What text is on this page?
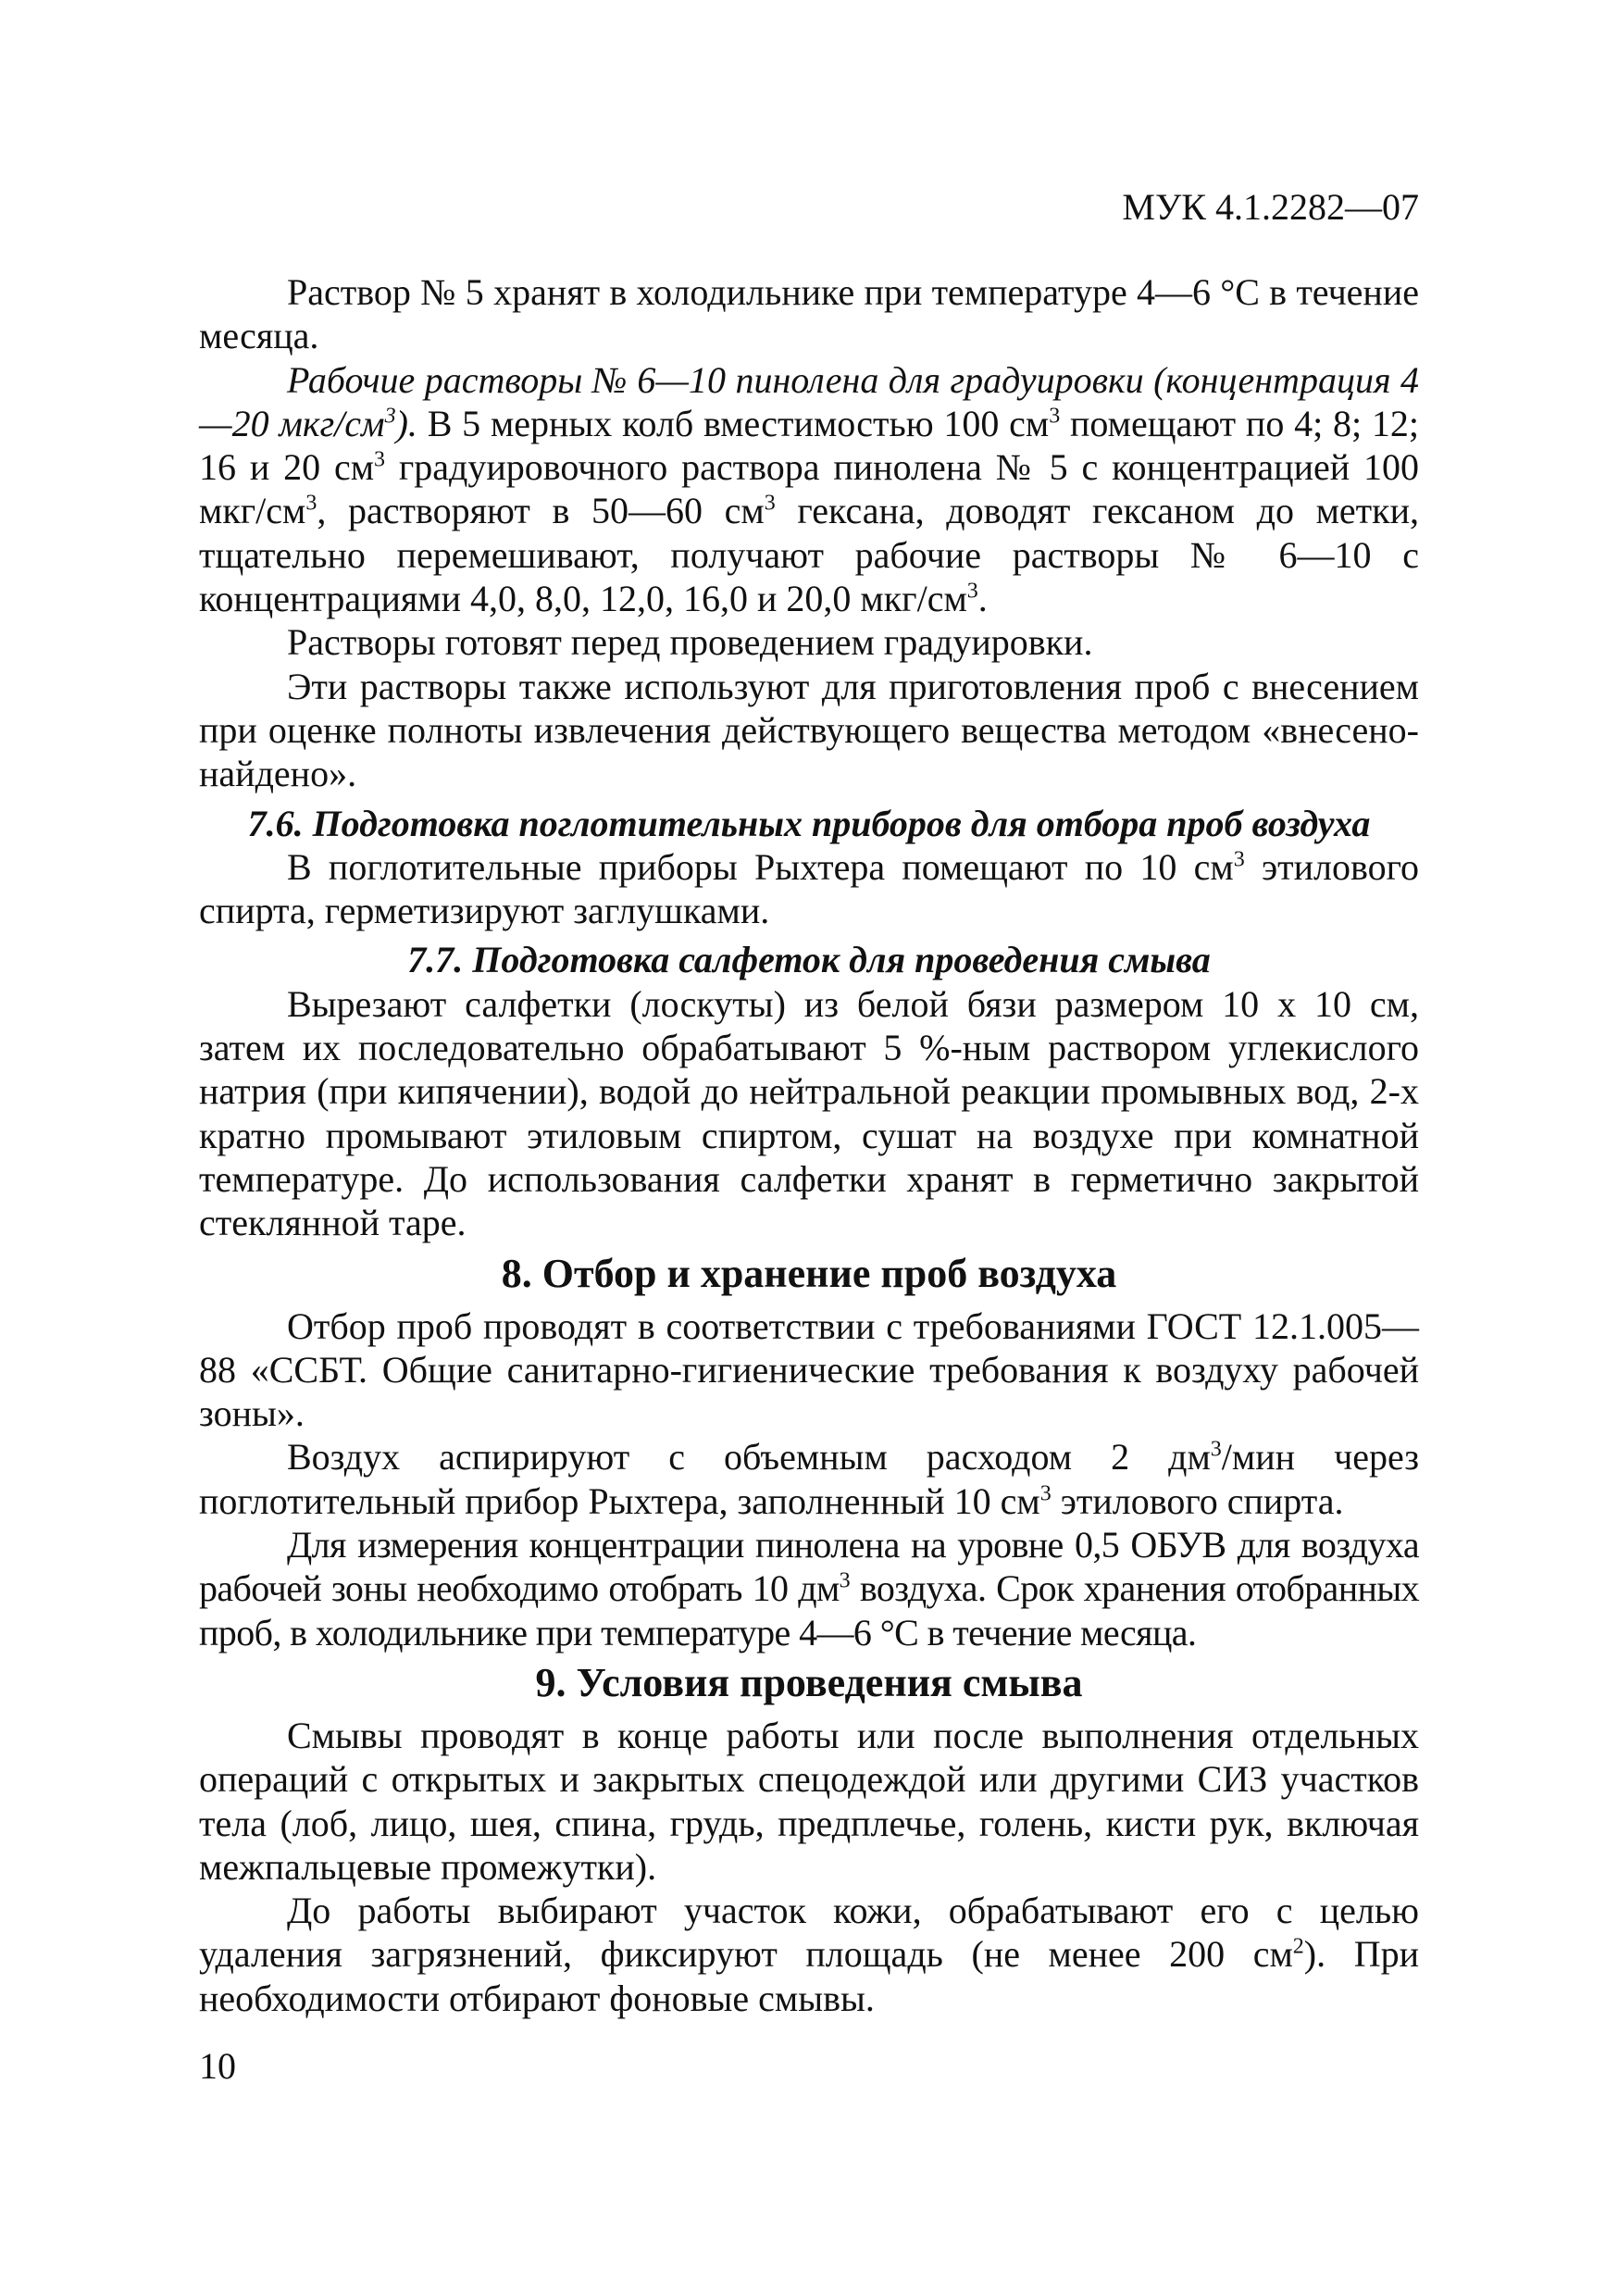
МУК 4.1.2282—07

Раствор № 5 хранят в холодильнике при температуре 4—6 °С в течение месяца.

Рабочие растворы № 6—10 пинолена для градуировки (концентрация 4—20 мкг/$см^3$). В 5 мерных колб вместимостью 100 $см^3$ помещают по 4; 8; 12; 16 и 20 $см^3$ градуировочного раствора пинолена № 5 с концентрацией 100 мкг/$см^3$, растворяют в 50—60 $см^3$ гексана, доводят гексаном до метки, тщательно перемешивают, получают рабочие растворы № 6—10 с концентрациями 4,0, 8,0, 12,0, 16,0 и 20,0 мкг/$см^3$.

Растворы готовят перед проведением градуировки.

Эти растворы также используют для приготовления проб с внесением при оценке полноты извлечения действующего вещества методом «внесено-найдено».

7.6. Подготовка поглотительных приборов для отбора проб воздуха

В поглотительные приборы Рыхтера помещают по 10 $см^3$ этилового спирта, герметизируют заглушками.

7.7. Подготовка салфеток для проведения смыва

Вырезают салфетки (лоскуты) из белой бязи размером 10 х 10 см, затем их последовательно обрабатывают 5 %-ным раствором углекислого натрия (при кипячении), водой до нейтральной реакции промывных вод, 2-х кратно промывают этиловым спиртом, сушат на воздухе при комнатной температуре. До использования салфетки хранят в герметично закрытой стеклянной таре.

8. Отбор и хранение проб воздуха

Отбор проб проводят в соответствии с требованиями ГОСТ 12.1.005—88 «ССБТ. Общие санитарно-гигиенические требования к воздуху рабочей зоны».

Воздух аспирируют с объемным расходом 2 $дм^3$/мин через поглотительный прибор Рыхтера, заполненный 10 $см^3$ этилового спирта.

Для измерения концентрации пинолена на уровне 0,5 ОБУВ для воздуха рабочей зоны необходимо отобрать 10 $дм^3$ воздуха. Срок хранения отобранных проб, в холодильнике при температуре 4—6 °С в течение месяца.

9. Условия проведения смыва

Смывы проводят в конце работы или после выполнения отдельных операций с открытых и закрытых спецодеждой или другими СИЗ участков тела (лоб, лицо, шея, спина, грудь, предплечье, голень, кисти рук, включая межпальцевые промежутки).

До работы выбирают участок кожи, обрабатывают его с целью удаления загрязнений, фиксируют площадь (не менее 200 $см^2$). При необходимости отбирают фоновые смывы.

10
